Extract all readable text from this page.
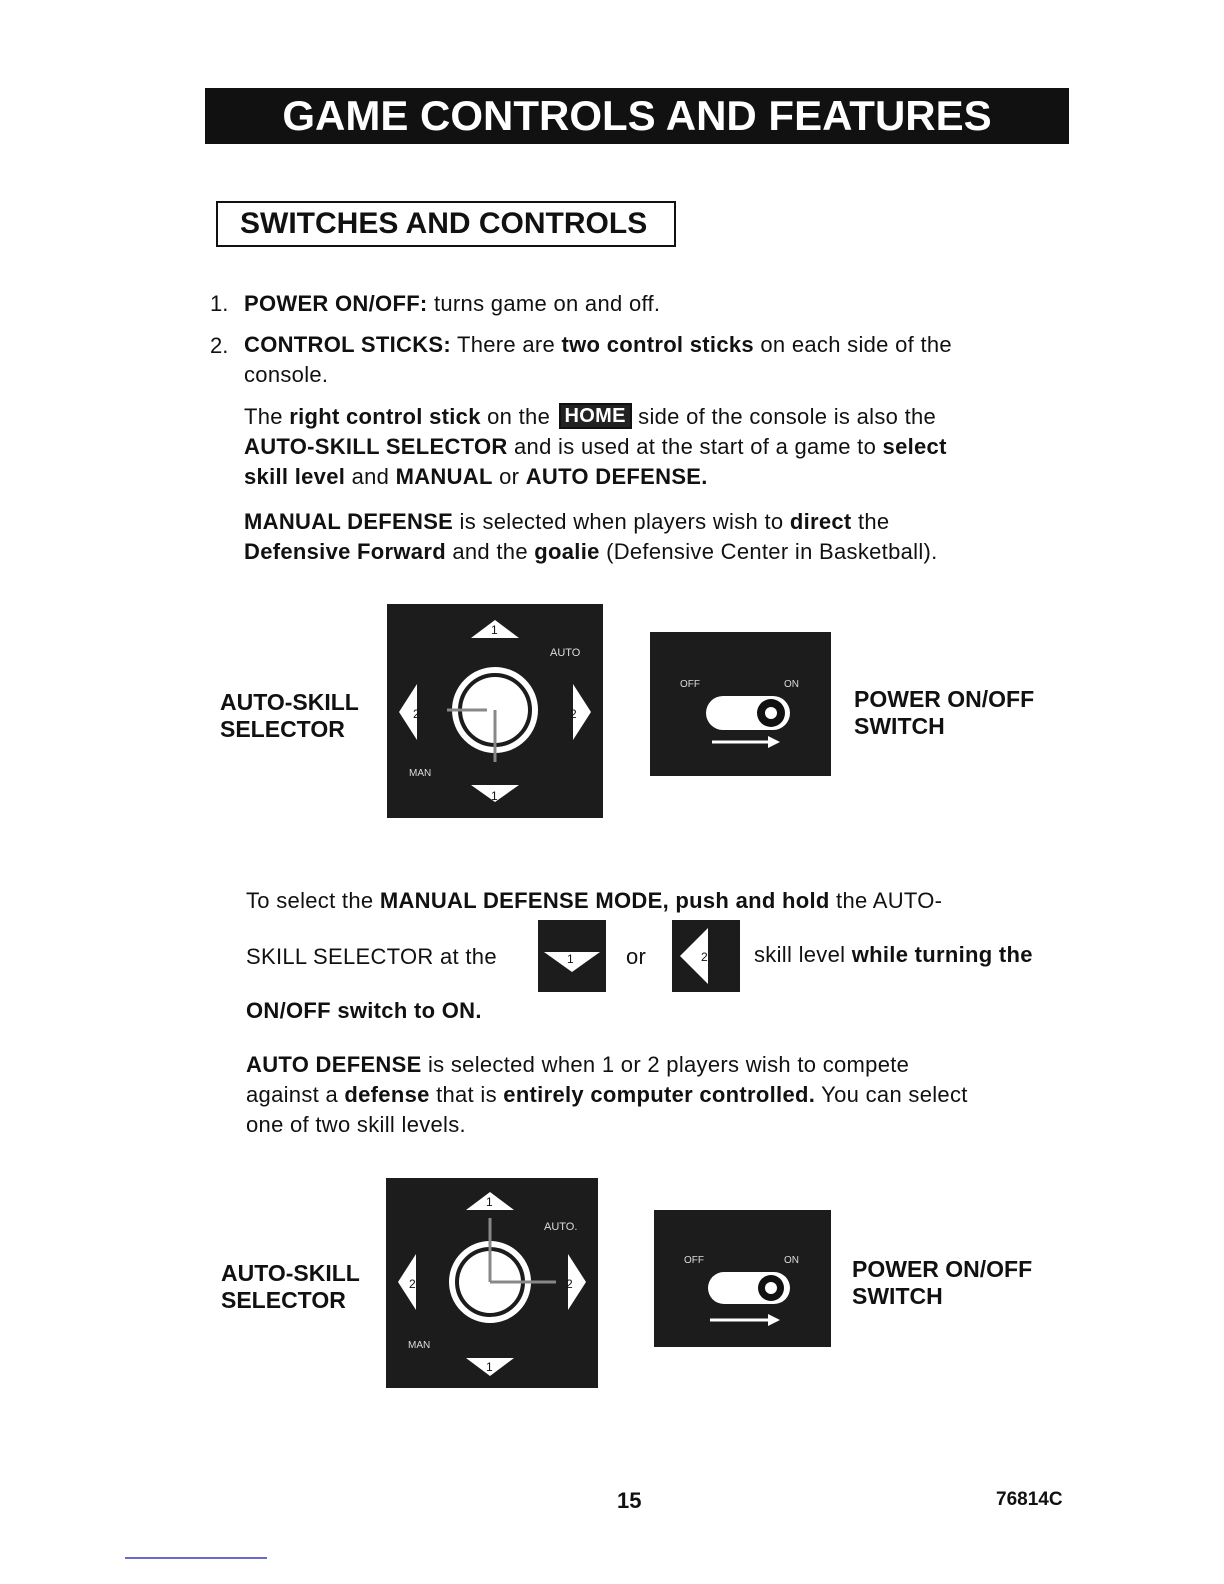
GAME CONTROLS AND FEATURES
SWITCHES AND CONTROLS
1. POWER ON/OFF: turns game on and off.
2. CONTROL STICKS: There are two control sticks on each side of the
console.
The right control stick on the HOME side of the console is also the
AUTO-SKILL SELECTOR and is used at the start of a game to select
skill level and MANUAL or AUTO DEFENSE.
MANUAL DEFENSE is selected when players wish to direct the
Defensive Forward and the goalie (Defensive Center in Basketball).
AUTO-SKILL
SELECTOR
1
1
2	2
AUTO
MAN
OFF	ON
POWER ON/OFF
SWITCH
To select the MANUAL DEFENSE MODE, push and hold the AUTO-
SKILL SELECTOR at the	1 or	2 skill level while turning the
ON/OFF switch to ON.
AUTO DEFENSE is selected when 1 or 2 players wish to compete
against a defense that is entirely computer controlled. You can select
one of two skill levels.
AUTO-SKILL
SELECTOR
1
1
2	2
AUTO.
MAN
OFF	ON POWER ON/OFF
SWITCH
15	76814C
